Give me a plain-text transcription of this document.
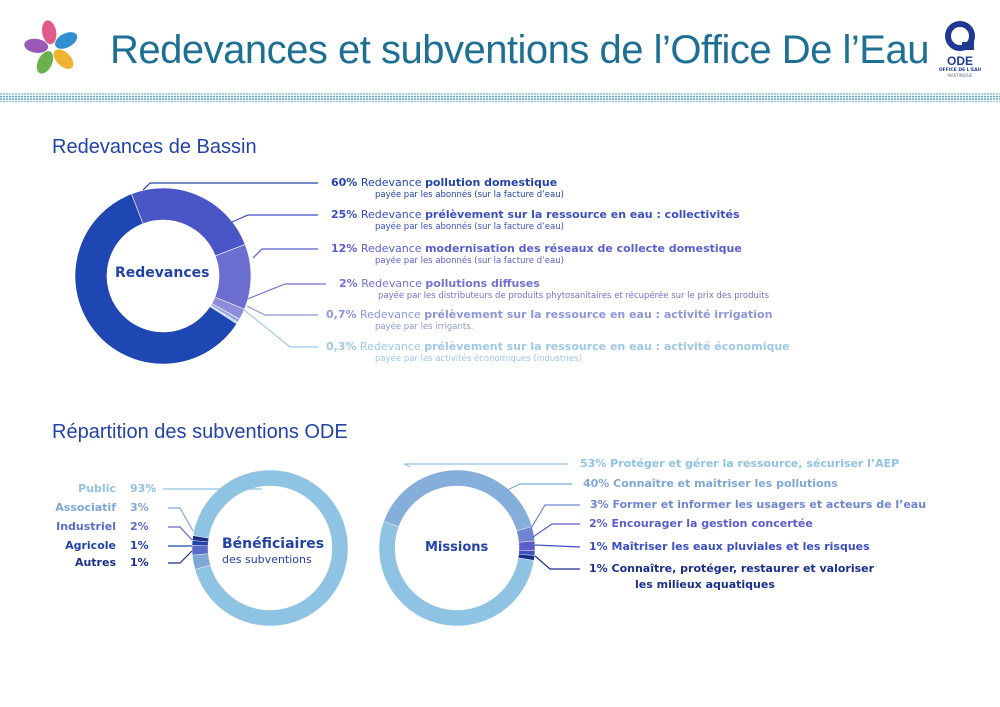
Redevances et subventions de l’Office De l’Eau	ODE
OFFICE DE L'EAU
MARTINIQUE
Redevances de Bassin
Répartition des subventions ODE
60% Redevance pollution domestique
payée par les abonnés (sur la facture d’eau)
25% Redevance prélèvement sur la ressource en eau : collectivités
payée par les abonnés (sur la facture d’eau)
12% Redevance modernisation des réseaux de collecte domestique
payée par les abonnés (sur la facture d’eau)
2% Redevance pollutions diffuses
payée par les distributeurs de produits phytosanitaires et récupérée sur le prix des produits
0,7% Redevance prélèvement sur la ressource en eau : activité irrigation
payée par les irrigants.
0,3% Redevance prélèvement sur la ressource en eau : activité économique
payée par les activités économiques (industries)
Public 93%
Associatif 3%
Industriel 2%
Agricole 1%
Autres 1%
53% Protéger et gérer la ressource, sécuriser l’AEP
40% Connaître et maîtriser les pollutions
3% Former et informer les usagers et acteurs de l’eau
2% Encourager la gestion concertée
1% Maîtriser les eaux pluviales et les risques
1% Connaître, protéger, restaurer et valoriser
les milieux aquatiques
Redevances
Bénéficiaires
des subventions
Missions
